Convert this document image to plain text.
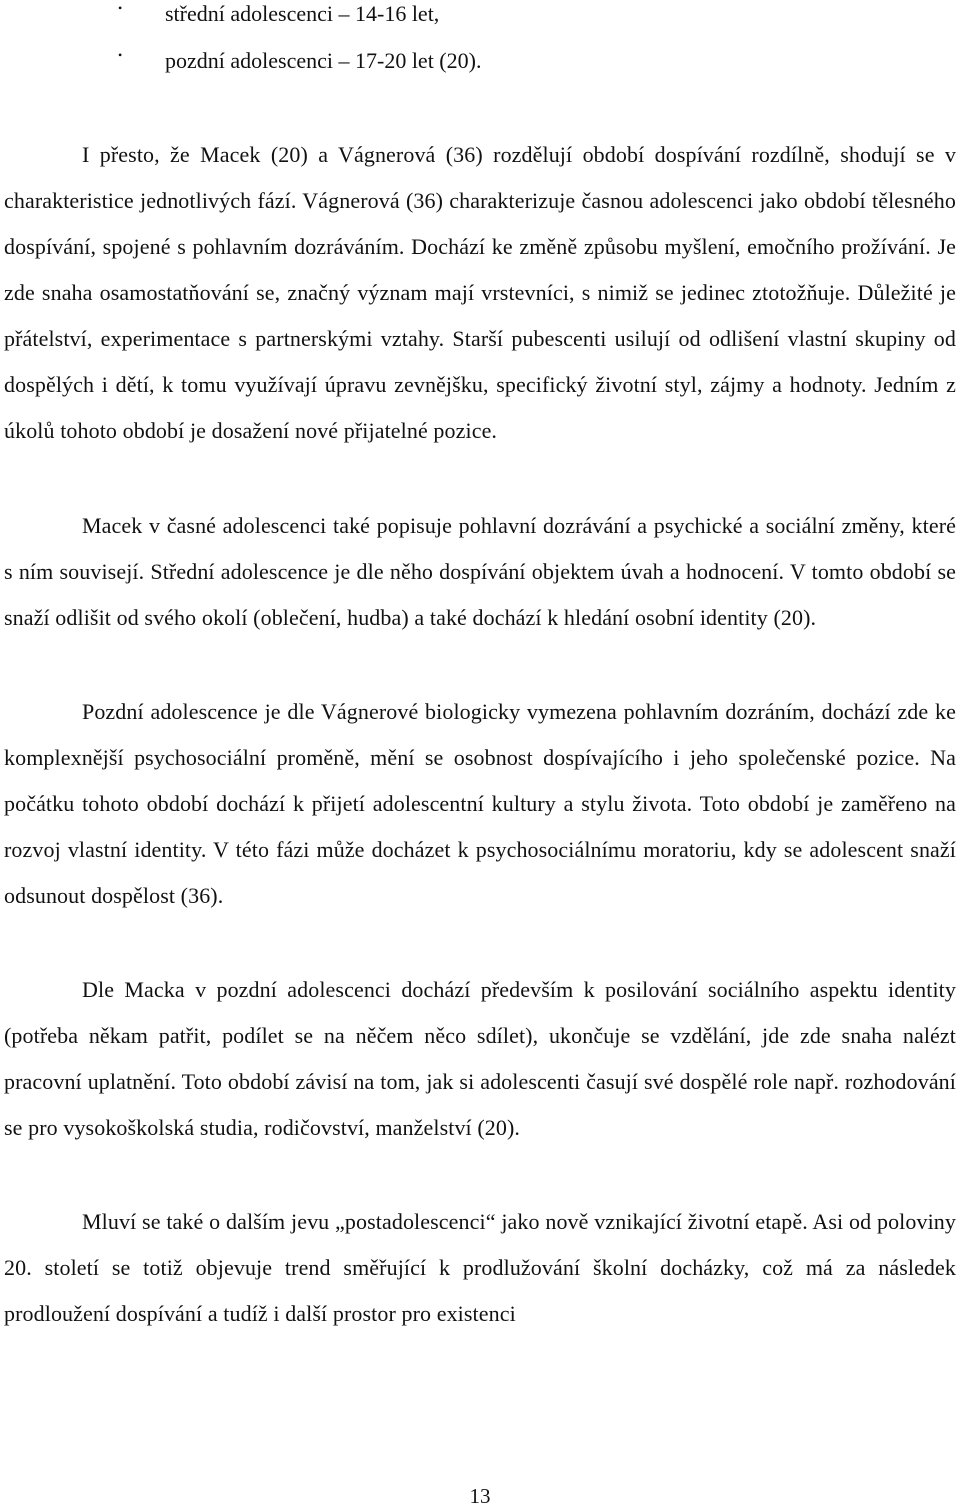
• střední adolescenci – 14-16 let,
• pozdní adolescenci – 17-20 let (20).

I přesto, že Macek (20) a Vágnerová (36) rozdělují období dospívání rozdílně, shodují se v charakteristice jednotlivých fází. Vágnerová (36) charakterizuje časnou adolescenci jako období tělesného dospívání, spojené s pohlavním dozráváním. Dochází ke změně způsobu myšlení, emočního prožívání. Je zde snaha osamostatňování se, značný význam mají vrstevníci, s nimiž se jedinec ztotožňuje. Důležité je přátelství, experimentace s partnerskými vztahy. Starší pubescenti usilují od odlišení vlastní skupiny od dospělých i dětí, k tomu využívají úpravu zevnějšku, specifický životní styl, zájmy a hodnoty. Jedním z úkolů tohoto období je dosažení nové přijatelné pozice.

Macek v časné adolescenci také popisuje pohlavní dozrávání a psychické a sociální změny, které s ním souvisejí. Střední adolescence je dle něho dospívání objektem úvah a hodnocení. V tomto období se snaží odlišit od svého okolí (oblečení, hudba) a také dochází k hledání osobní identity (20).

Pozdní adolescence je dle Vágnerové biologicky vymezena pohlavním dozráním, dochází zde ke komplexnější psychosociální proměně, mění se osobnost dospívajícího i jeho společenské pozice. Na počátku tohoto období dochází k přijetí adolescentní kultury a stylu života. Toto období je zaměřeno na rozvoj vlastní identity. V této fázi může docházet k psychosociálnímu moratoriu, kdy se adolescent snaží odsunout dospělost (36).

Dle Macka v pozdní adolescenci dochází především k posilování sociálního aspektu identity (potřeba někam patřit, podílet se na něčem něco sdílet), ukončuje se vzdělání, jde zde snaha nalézt pracovní uplatnění. Toto období závisí na tom, jak si adolescenti časují své dospělé role např. rozhodování se pro vysokoškolská studia, rodičovství, manželství (20).

Mluví se také o dalším jevu „postadolescenci“ jako nově vznikající životní etapě. Asi od poloviny 20. století se totiž objevuje trend směřující k prodlužování školní docházky, což má za následek prodloužení dospívání a tudíž i další prostor pro existenci

13
